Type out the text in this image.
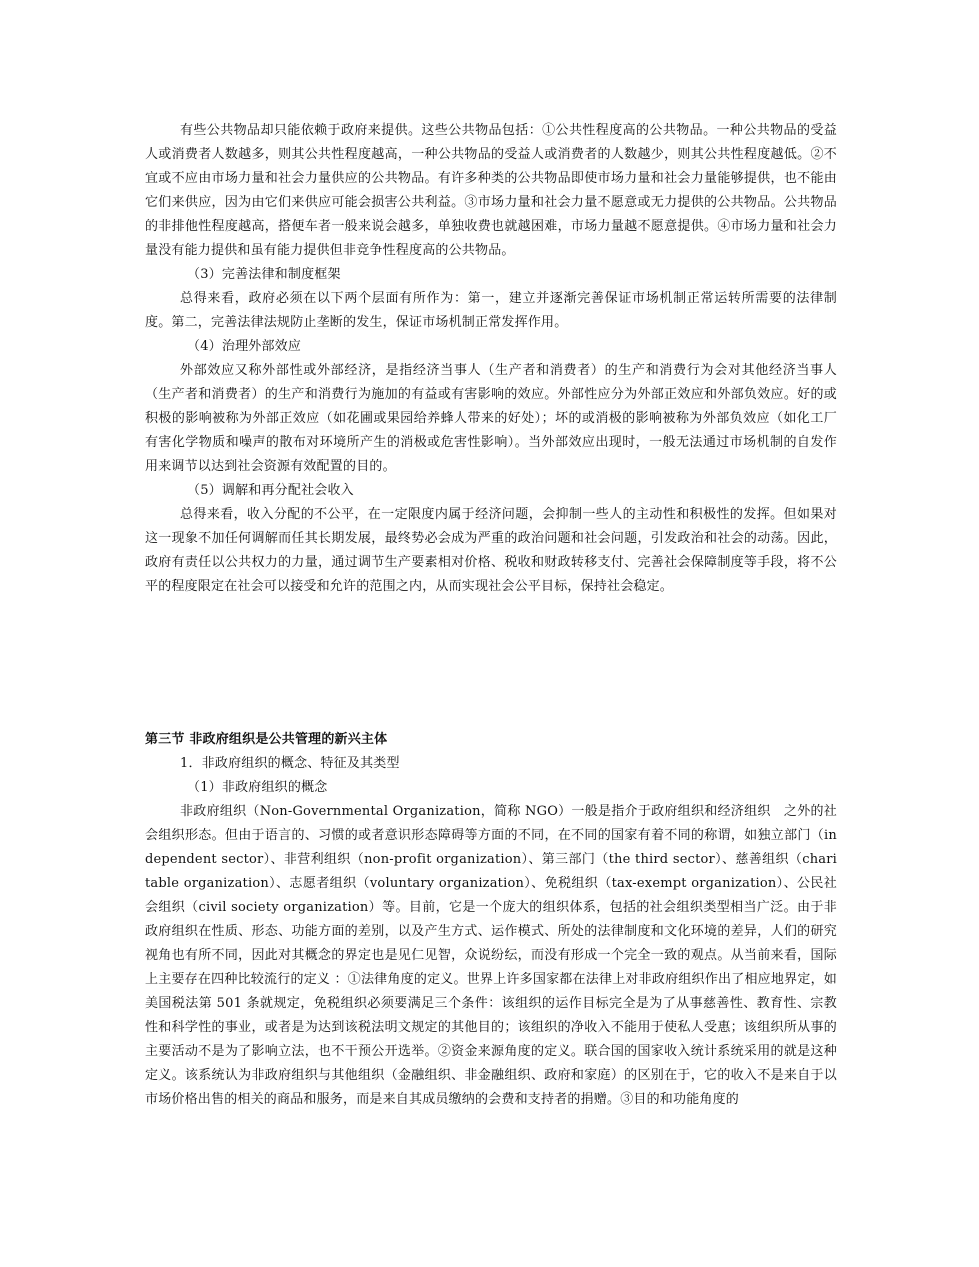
有些公共物品却只能依赖于政府来提供。这些公共物品包括：①公共性程度高的公共物品。一种公共物品的受益人或消费者人数越多，则其公共性程度越高，一种公共物品的受益人或消费者的人数越少，则其公共性程度越低。②不宜或不应由市场力量和社会力量供应的公共物品。有许多种类的公共物品即使市场力量和社会力量能够提供，也不能由它们来供应，因为由它们来供应可能会损害公共利益。③市场力量和社会力量不愿意或无力提供的公共物品。公共物品的非排他性程度越高，搭便车者一般来说会越多，单独收费也就越困难，市场力量越不愿意提供。④市场力量和社会力量没有能力提供和虽有能力提供但非竞争性程度高的公共物品。

（3）完善法律和制度框架

总得来看，政府必须在以下两个层面有所作为：第一，建立并逐渐完善保证市场机制正常运转所需要的法律制度。第二，完善法律法规防止垄断的发生，保证市场机制正常发挥作用。

（4）治理外部效应

外部效应又称外部性或外部经济，是指经济当事人（生产者和消费者）的生产和消费行为会对其他经济当事人（生产者和消费者）的生产和消费行为施加的有益或有害影响的效应。外部性应分为外部正效应和外部负效应。好的或积极的影响被称为外部正效应（如花圃或果园给养蜂人带来的好处）；坏的或消极的影响被称为外部负效应（如化工厂有害化学物质和噪声的散布对环境所产生的消极或危害性影响）。当外部效应出现时，一般无法通过市场机制的自发作用来调节以达到社会资源有效配置的目的。

（5）调解和再分配社会收入

总得来看，收入分配的不公平，在一定限度内属于经济问题，会抑制一些人的主动性和积极性的发挥。但如果对这一现象不加任何调解而任其长期发展，最终势必会成为严重的政治问题和社会问题，引发政治和社会的动荡。因此，政府有责任以公共权力的力量，通过调节生产要素相对价格、税收和财政转移支付、完善社会保障制度等手段，将不公平的程度限定在社会可以接受和允许的范围之内，从而实现社会公平目标，保持社会稳定。

第三节 非政府组织是公共管理的新兴主体

1．非政府组织的概念、特征及其类型

（1）非政府组织的概念

非政府组织（Non-Governmental Organization，简称 NGO）一般是指介于政府组织和经济组织　之外的社会组织形态。但由于语言的、习惯的或者意识形态障碍等方面的不同，在不同的国家有着不同的称谓，如独立部门（independent sector）、非营利组织（non-profit organization）、第三部门（the third sector）、慈善组织（charitable organization）、志愿者组织（voluntary organization）、免税组织（tax-exempt organization）、公民社会组织（civil society organization）等。目前，它是一个庞大的组织体系，包括的社会组织类型相当广泛。由于非政府组织在性质、形态、功能方面的差别，以及产生方式、运作模式、所处的法律制度和文化环境的差异，人们的研究视角也有所不同，因此对其概念的界定也是见仁见智，众说纷纭，而没有形成一个完全一致的观点。从当前来看，国际上主要存在四种比较流行的定义 ：①法律角度的定义。世界上许多国家都在法律上对非政府组织作出了相应地界定，如美国税法第 501 条就规定，免税组织必须要满足三个条件：该组织的运作目标完全是为了从事慈善性、教育性、宗教性和科学性的事业，或者是为达到该税法明文规定的其他目的；该组织的净收入不能用于使私人受惠；该组织所从事的主要活动不是为了影响立法，也不干预公开选举。②资金来源角度的定义。联合国的国家收入统计系统采用的就是这种定义。该系统认为非政府组织与其他组织（金融组织、非金融组织、政府和家庭）的区别在于，它的收入不是来自于以市场价格出售的相关的商品和服务，而是来自其成员缴纳的会费和支持者的捐赠。③目的和功能角度的
